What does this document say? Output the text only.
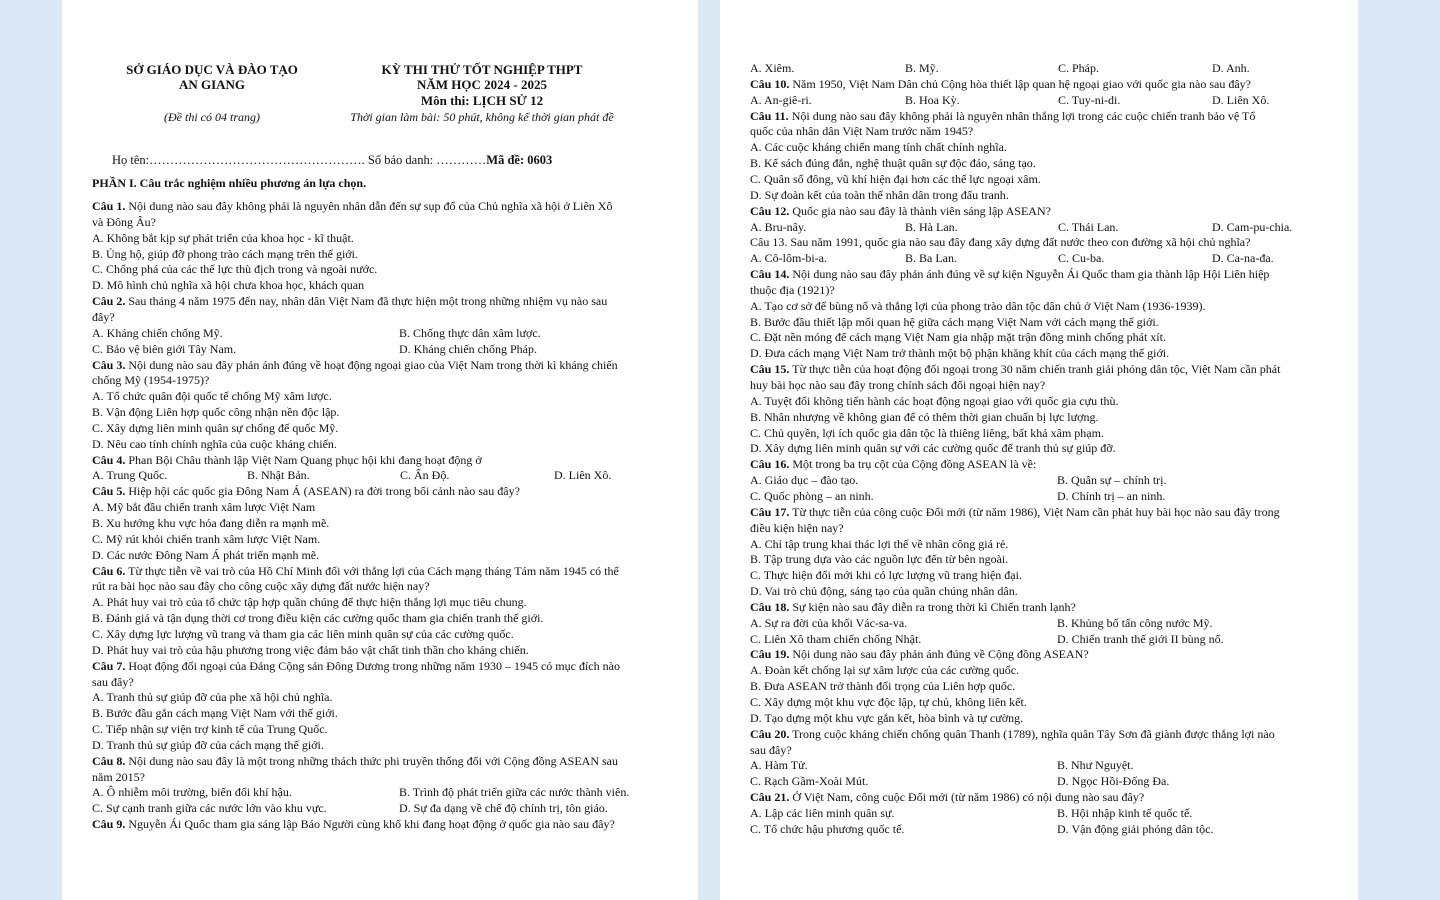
SỞ GIÁO DỤC VÀ ĐÀO TẠO
AN GIANG
(Đề thi có 04 trang)
KỲ THI THỬ TỐT NGHIỆP THPT
NĂM HỌC 2024 - 2025
Môn thi: LỊCH SỬ 12
Thời gian làm bài: 50 phút, không kể thời gian phát đề
Họ tên:……………………………………………. Số báo danh: …………Mã đề: 0603
PHẦN I. Câu trắc nghiệm nhiều phương án lựa chọn.
Câu 1. Nội dung nào sau đây không phải là nguyên nhân dẫn đến sự sụp đổ của Chủ nghĩa xã hội ở Liên Xô
và Đông Âu?
A. Không bắt kịp sự phát triển của khoa học - kĩ thuật.
B. Ủng hộ, giúp đỡ phong trào cách mạng trên thế giới.
C. Chống phá của các thế lực thù địch trong và ngoài nước.
D. Mô hình chủ nghĩa xã hội chưa khoa học, khách quan
Câu 2. Sau tháng 4 năm 1975 đến nay, nhân dân Việt Nam đã thực hiện một trong những nhiệm vụ nào sau
đây?
A. Kháng chiến chống Mỹ.	B. Chống thực dân xâm lược.
C. Bảo vệ biên giới Tây Nam.	D. Kháng chiến chống Pháp.
Câu 3. Nội dung nào sau đây phản ánh đúng về hoạt động ngoại giao của Việt Nam trong thời kì kháng chiến
chống Mỹ (1954-1975)?
A. Tổ chức quân đội quốc tế chống Mỹ xâm lược.
B. Vận động Liên hợp quốc công nhận nền độc lập.
C. Xây dựng liên minh quân sự chống đế quốc Mỹ.
D. Nêu cao tính chính nghĩa của cuộc kháng chiến.
Câu 4. Phan Bội Châu thành lập Việt Nam Quang phục hội khi đang hoạt động ở
A. Trung Quốc.	B. Nhật Bản.	C. Ấn Độ.	D. Liên Xô.
Câu 5. Hiệp hội các quốc gia Đông Nam Á (ASEAN) ra đời trong bối cảnh nào sau đây?
A. Mỹ bắt đầu chiến tranh xâm lược Việt Nam
B. Xu hướng khu vực hóa đang diễn ra mạnh mẽ.
C. Mỹ rút khỏi chiến tranh xâm lược Việt Nam.
D. Các nước Đông Nam Á phát triển mạnh mẽ.
Câu 6. Từ thực tiễn về vai trò của Hồ Chí Minh đối với thắng lợi của Cách mạng tháng Tám năm 1945 có thể
rút ra bài học nào sau đây cho công cuộc xây dựng đất nước hiện nay?
A. Phát huy vai trò của tổ chức tập hợp quần chúng để thực hiện thắng lợi mục tiêu chung.
B. Đánh giá và tận dụng thời cơ trong điều kiện các cường quốc tham gia chiến tranh thế giới.
C. Xây dựng lực lượng vũ trang và tham gia các liên minh quân sự của các cường quốc.
D. Phát huy vai trò của hậu phương trong việc đảm bảo vật chất tinh thần cho kháng chiến.
Câu 7. Hoạt động đối ngoại của Đảng Cộng sản Đông Dương trong những năm 1930 – 1945 có mục đích nào
sau đây?
A. Tranh thủ sự giúp đỡ của phe xã hội chủ nghĩa.
B. Bước đầu gắn cách mạng Việt Nam với thế giới.
C. Tiếp nhận sự viện trợ kinh tế của Trung Quốc.
D. Tranh thủ sự giúp đỡ của cách mạng thế giới.
Câu 8. Nội dung nào sau đây là một trong những thách thức phi truyền thống đối với Cộng đồng ASEAN sau
năm 2015?
A. Ô nhiễm môi trường, biến đổi khí hậu.	B. Trình độ phát triển giữa các nước thành viên.
C. Sự cạnh tranh giữa các nước lớn vào khu vực.	D. Sự đa dạng về chế độ chính trị, tôn giáo.
Câu 9. Nguyễn Ái Quốc tham gia sáng lập Báo Người cùng khổ khi đang hoạt động ở quốc gia nào sau đây?
A. Xiêm.	B. Mỹ.	C. Pháp.	D. Anh.
Câu 10. Năm 1950, Việt Nam Dân chủ Cộng hòa thiết lập quan hệ ngoại giao với quốc gia nào sau đây?
A. An-giê-ri.	B. Hoa Kỳ.	C. Tuy-ni-di.	D. Liên Xô.
Câu 11. Nội dung nào sau đây không phải là nguyên nhân thắng lợi trong các cuộc chiến tranh bảo vệ Tổ
quốc của nhân dân Việt Nam trước năm 1945?
A. Các cuộc kháng chiến mang tính chất chính nghĩa.
B. Kế sách đúng đắn, nghệ thuật quân sự độc đáo, sáng tạo.
C. Quân số đông, vũ khí hiện đại hơn các thế lực ngoại xâm.
D. Sự đoàn kết của toàn thể nhân dân trong đấu tranh.
Câu 12. Quốc gia nào sau đây là thành viên sáng lập ASEAN?
A. Bru-nây.	B. Hà Lan.	C. Thái Lan.	D. Cam-pu-chia.
Câu 13. Sau năm 1991, quốc gia nào sau đây đang xây dựng đất nước theo con đường xã hội chủ nghĩa?
A. Cô-lôm-bi-a.	B. Ba Lan.	C. Cu-ba.	D. Ca-na-đa.
Câu 14. Nội dung nào sau đây phản ánh đúng về sự kiện Nguyễn Ái Quốc tham gia thành lập Hội Liên hiệp
thuộc địa (1921)?
A. Tạo cơ sở để bùng nổ và thắng lợi của phong trào dân tộc dân chủ ở Việt Nam (1936-1939).
B. Bước đầu thiết lập mối quan hệ giữa cách mạng Việt Nam với cách mạng thế giới.
C. Đặt nền móng để cách mạng Việt Nam gia nhập mặt trận đồng minh chống phát xít.
D. Đưa cách mạng Việt Nam trở thành một bộ phận khăng khít của cách mạng thế giới.
Câu 15. Từ thực tiễn của hoạt động đối ngoại trong 30 năm chiến tranh giải phóng dân tộc, Việt Nam cần phát
huy bài học nào sau đây trong chính sách đối ngoại hiện nay?
A. Tuyệt đối không tiến hành các hoạt động ngoại giao với quốc gia cựu thù.
B. Nhân nhượng về không gian để có thêm thời gian chuẩn bị lực lượng.
C. Chủ quyền, lợi ích quốc gia dân tộc là thiêng liêng, bất khả xâm phạm.
D. Xây dựng liên minh quân sự với các cường quốc để tranh thủ sự giúp đỡ.
Câu 16. Một trong ba trụ cột của Cộng đồng ASEAN là về:
A. Giáo dục – đào tạo.	B. Quân sự – chính trị.
C. Quốc phòng – an ninh.	D. Chính trị – an ninh.
Câu 17. Từ thực tiễn của công cuộc Đổi mới (từ năm 1986), Việt Nam cần phát huy bài học nào sau đây trong
điều kiện hiện nay?
A. Chỉ tập trung khai thác lợi thế về nhân công giá rẻ.
B. Tập trung dựa vào các nguồn lực đến từ bên ngoài.
C. Thực hiện đổi mới khi có lực lượng vũ trang hiện đại.
D. Vai trò chủ động, sáng tạo của quần chúng nhân dân.
Câu 18. Sự kiện nào sau đây diễn ra trong thời kì Chiến tranh lạnh?
A. Sự ra đời của khối Vác-sa-va.	B. Khủng bố tấn công nước Mỹ.
C. Liên Xô tham chiến chống Nhật.	D. Chiến tranh thế giới II bùng nổ.
Câu 19. Nội dung nào sau đây phản ánh đúng về Cộng đồng ASEAN?
A. Đoàn kết chống lại sự xâm lược của các cường quốc.
B. Đưa ASEAN trở thành đối trọng của Liên hợp quốc.
C. Xây dựng một khu vực độc lập, tự chủ, không liên kết.
D. Tạo dựng một khu vực gắn kết, hòa bình và tự cường.
Câu 20. Trong cuộc kháng chiến chống quân Thanh (1789), nghĩa quân Tây Sơn đã giành được thắng lợi nào
sau đây?
A. Hàm Tử.	B. Như Nguyệt.
C. Rạch Gầm-Xoài Mút.	D. Ngọc Hồi-Đống Đa.
Câu 21. Ở Việt Nam, công cuộc Đổi mới (từ năm 1986) có nội dung nào sau đây?
A. Lập các liên minh quân sự.	B. Hội nhập kinh tế quốc tế.
C. Tổ chức hậu phương quốc tế.	D. Vận động giải phóng dân tộc.
